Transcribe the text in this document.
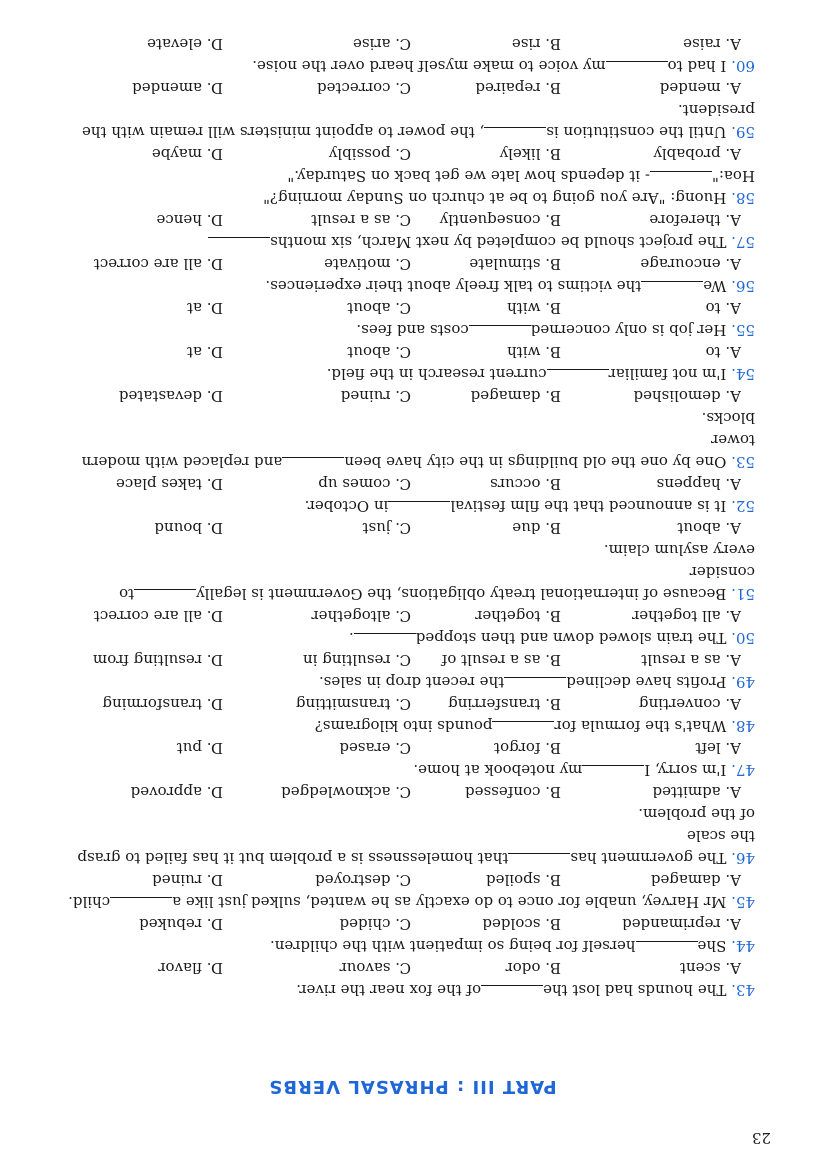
23
PART III : PHRASAL VERBS
43. The hounds had lost theof the fox near the river.
A. scent
B. odor
C. savour
D. flavor
44. Sheherself for being so impatient with the children.
A. reprimanded
B. scolded
C. chided
D. rebuked
45. Mr Harvey, unable for once to do exactly as he wanted, sulked just like achild.
A. damaged
B. spoiled
C. destroyed
D. ruined
46. The government hasthat homelessness is a problem but it has failed to grasp the scale
of the problem.
A. admitted
B. confessed
C. acknowledged
D. approved
47. I'm sorry, Imy notebook at home.
A. left
B. forgot
C. erased
D. put
48. What's the formula forpounds into kilograms?
A. converting
B. transferring
C. transmitting
D. transforming
49. Profits have declinedthe recent drop in sales.
A. as a result
B. as a result of
C. resulting in
D. resulting from
50. The train slowed down and then stopped.
A. all together
B. together
C. altogether
D. all are correct
51. Because of international treaty obligations, the Government is legallyto consider
every asylum claim.
A. about
B. due
C. just
D. bound
52. It is announced that the film festivalin October.
A. happens
B. occurs
C. comes up
D. takes place
53. One by one the old buildings in the city have beenand replaced with modern tower
blocks.
A. demolished
B. damaged
C. ruined
D. devastated
54. I'm not familiarcurrent research in the field.
A. to
B. with
C. about
D. at
55. Her job is only concernedcosts and fees.
A. to
B. with
C. about
D. at
56. Wethe victims to talk freely about their experiences.
A. encourage
B. stimulate
C. motivate
D. all are correct
57. The project should be completed by next March, six months
A. therefore
B. consequently
C. as a result
D. hence
58. Huong: "Are you going to be at church on Sunday morning?"
Hoa:"- it depends how late we get back on Saturday."
A. probably
B. likely
C. possibly
D. maybe
59. Until the constitution is, the power to appoint ministers will remain with the
president.
A. mended
B. repaired
C. corrected
D. amended
60. I had tomy voice to make myself heard over the noise.
A. raise
B. rise
C. arise
D. elevate
